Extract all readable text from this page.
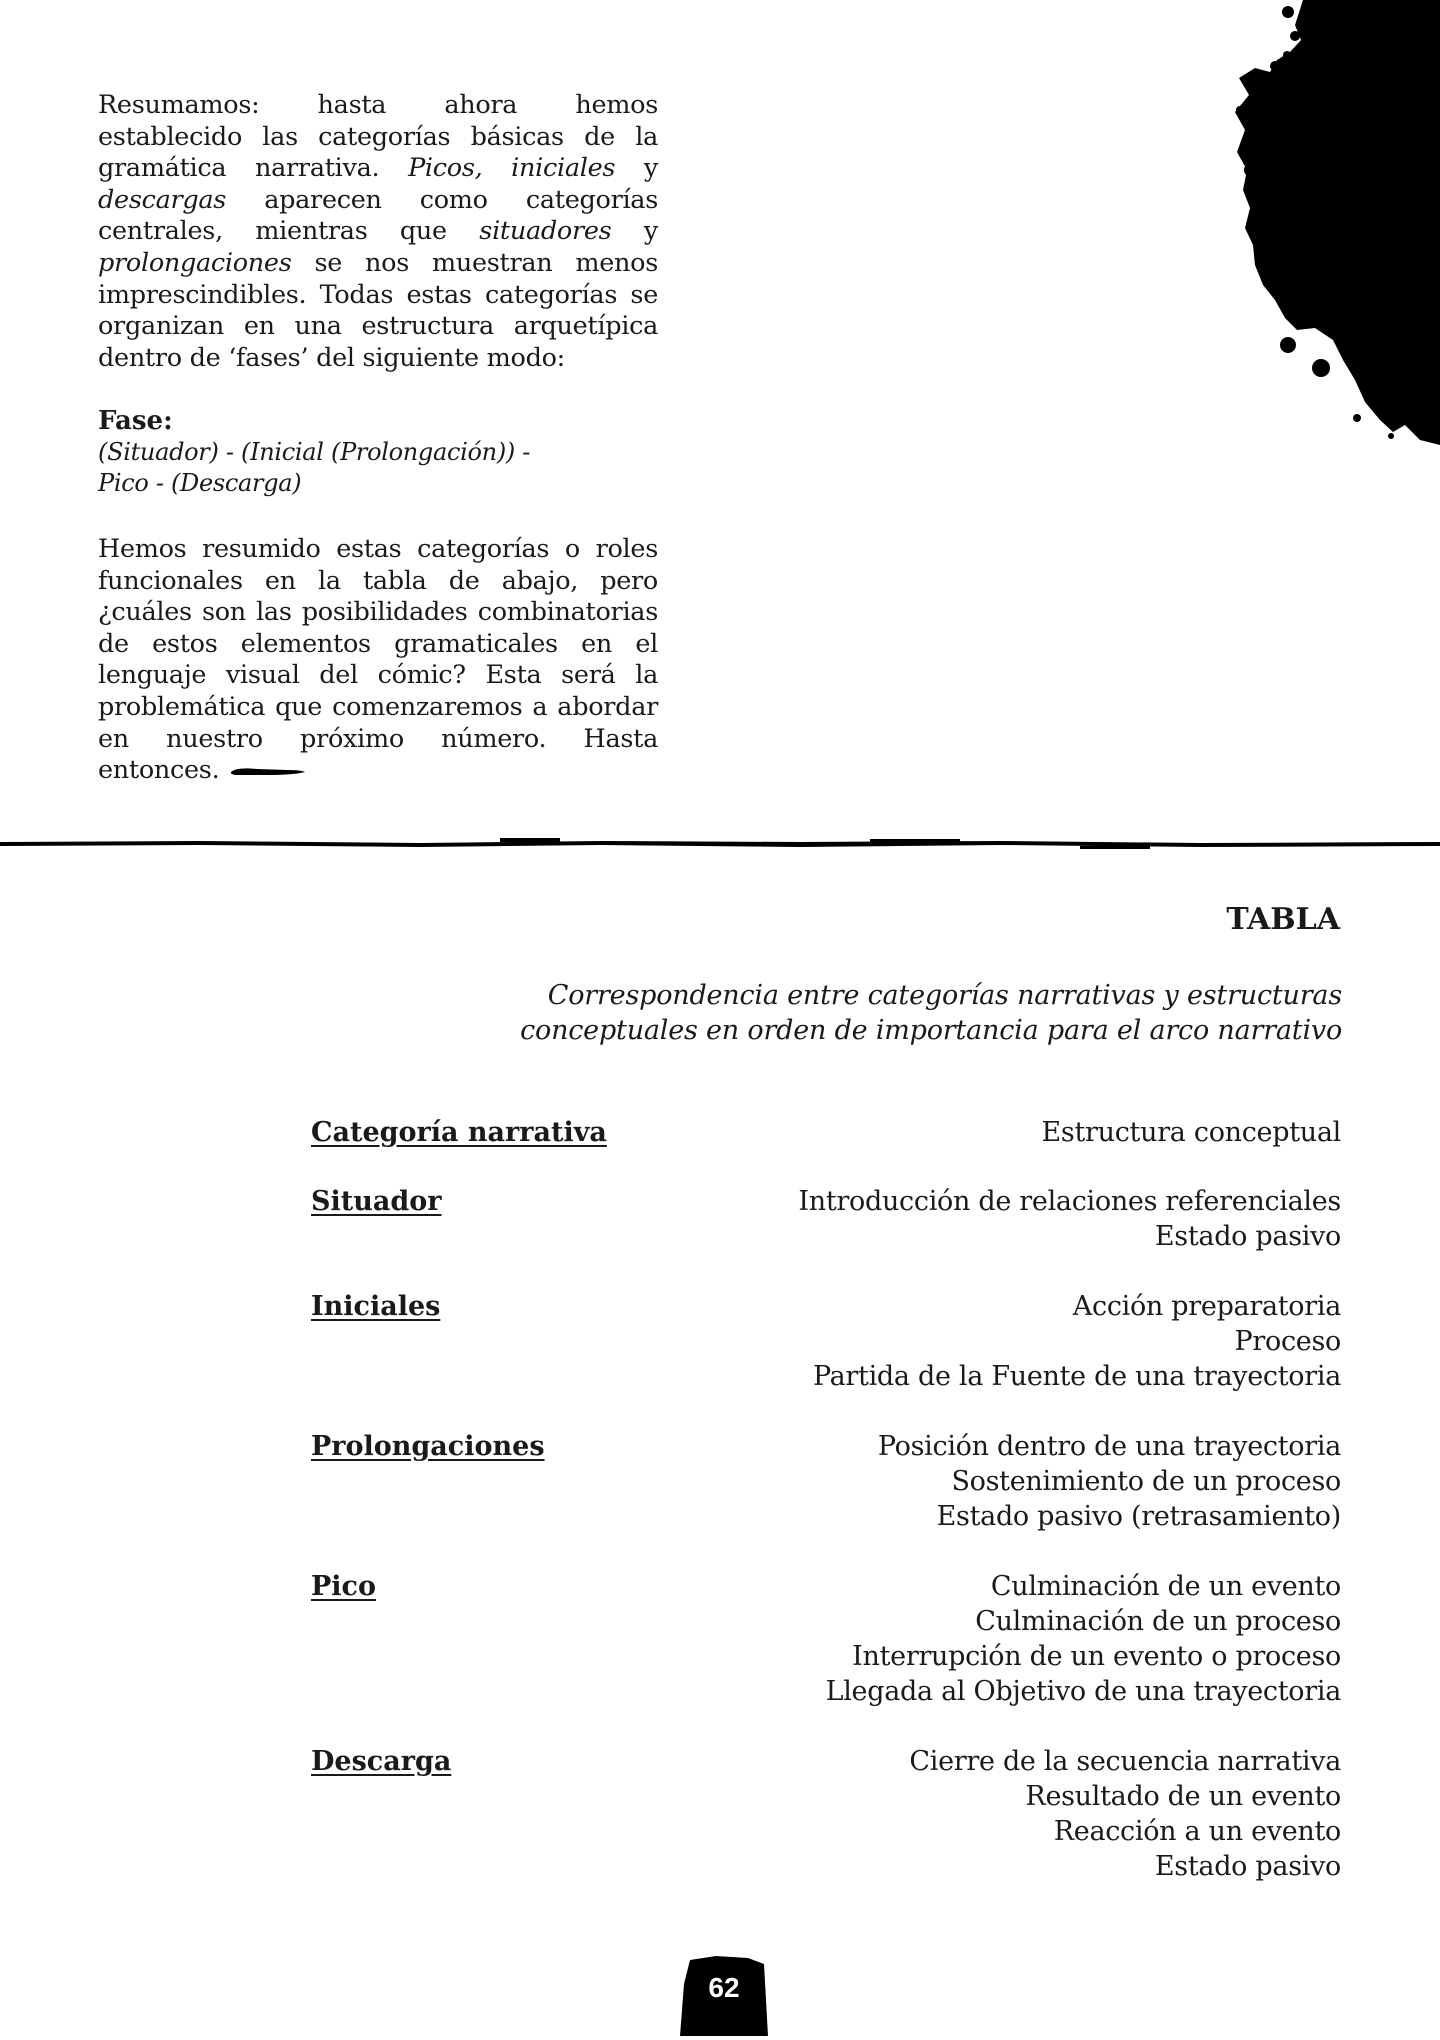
Resumamos: hasta ahora hemos establecido las categorías básicas de la gramática narrativa. Picos, iniciales y descargas aparecen como categorías centrales, mientras que situadores y prolongaciones se nos muestran menos imprescindibles. Todas estas categorías se organizan en una estructura arquetípica dentro de ‘fases’ del siguiente modo:

Fase:

(Situador) - (Inicial (Prolongación)) -
Pico - (Descarga)

Hemos resumido estas categorías o roles funcionales en la tabla de abajo, pero ¿cuáles son las posibilidades combinatorias de estos elementos gramaticales en el lenguaje visual del cómic? Esta será la problemática que comenzaremos a abordar en nuestro próximo número. Hasta entonces.

TABLA

Correspondencia entre categorías narrativas y estructuras
conceptuales en orden de importancia para el arco narrativo

Categoría narrativa	Estructura conceptual
Situador	Introducción de relaciones referenciales
Estado pasivo
Iniciales	Acción preparatoria
Proceso
Partida de la Fuente de una trayectoria
Prolongaciones	Posición dentro de una trayectoria
Sostenimiento de un proceso
Estado pasivo (retrasamiento)
Pico	Culminación de un evento
Culminación de un proceso
Interrupción de un evento o proceso
Llegada al Objetivo de una trayectoria
Descarga	Cierre de la secuencia narrativa
Resultado de un evento
Reacción a un evento
Estado pasivo
62
